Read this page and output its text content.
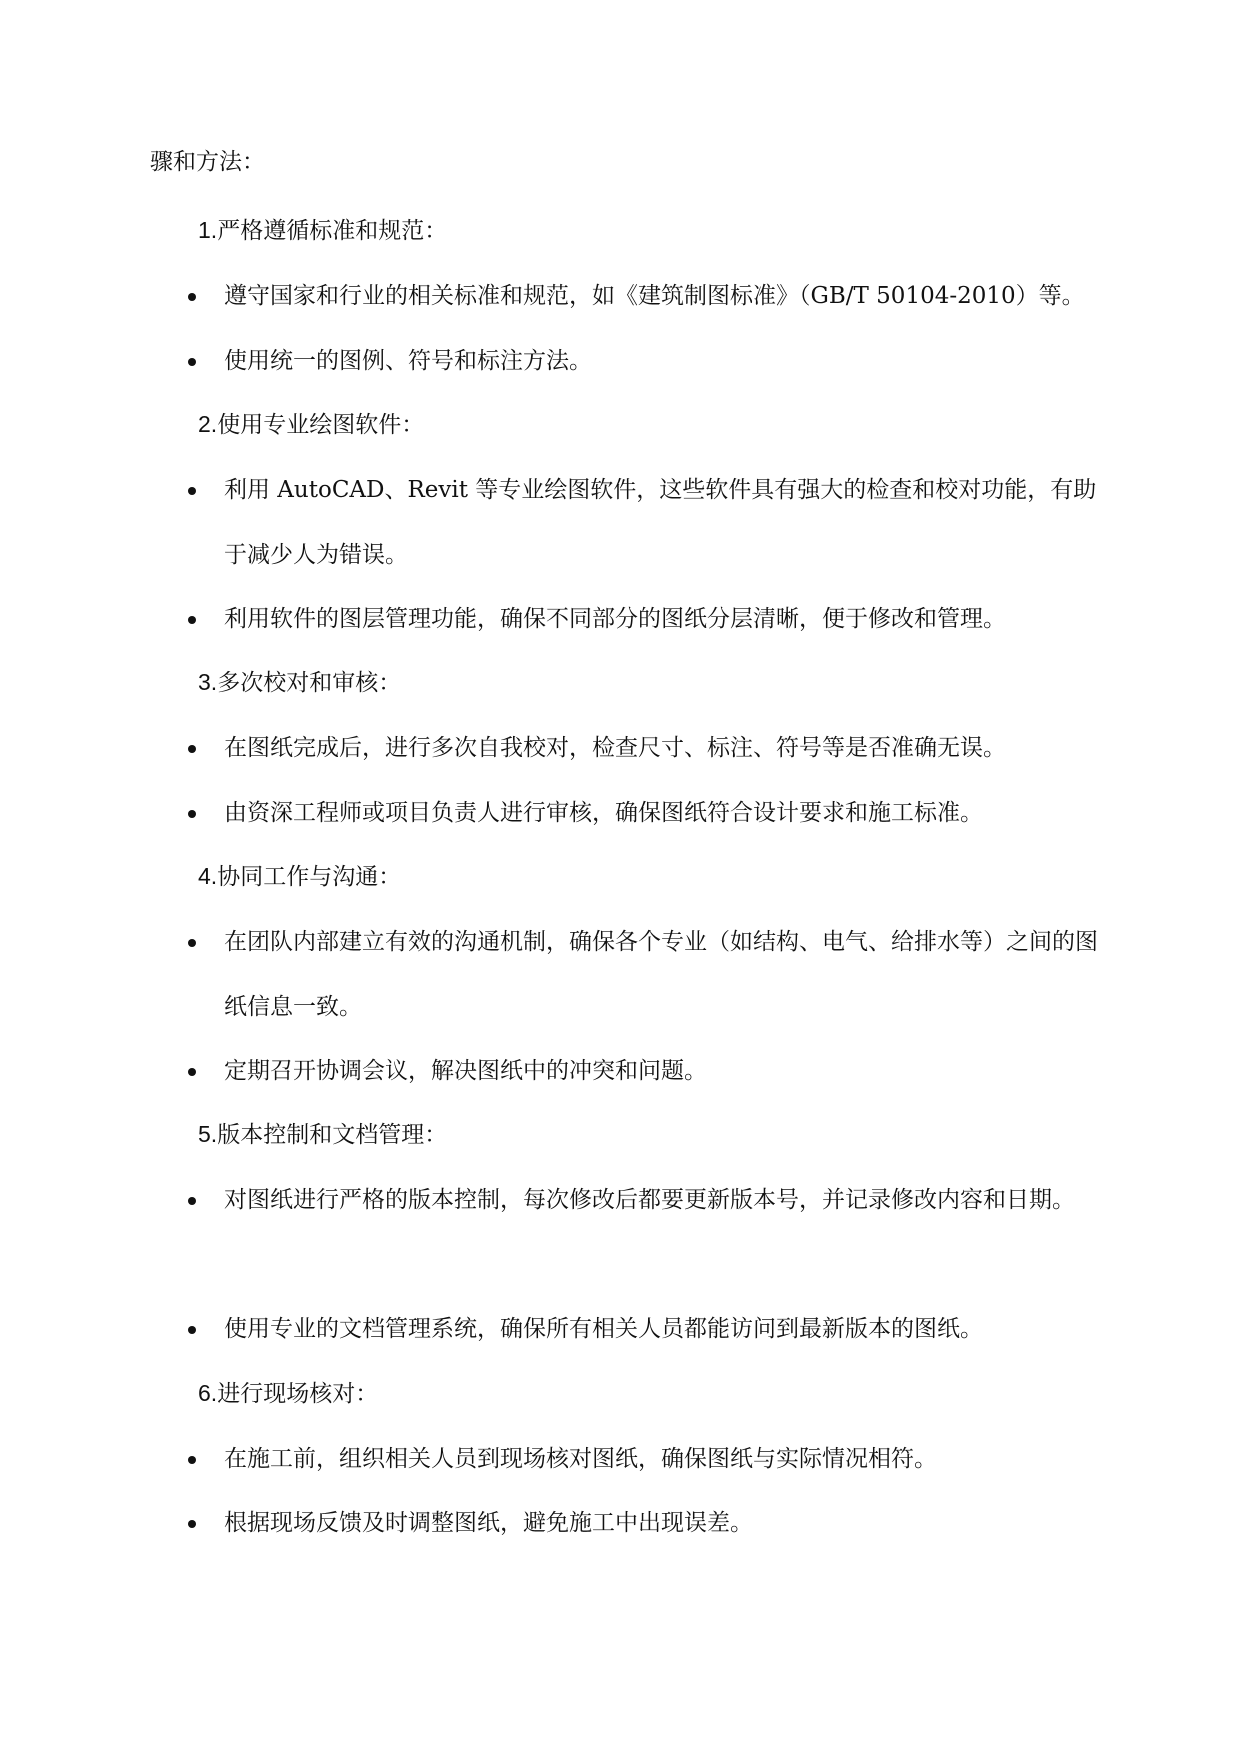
骤和方法：
1.严格遵循标准和规范：
遵守国家和行业的相关标准和规范，如《建筑制图标准》（GB/T 50104-2010）等。
使用统一的图例、符号和标注方法。
2.使用专业绘图软件：
利用 AutoCAD、Revit 等专业绘图软件，这些软件具有强大的检查和校对功能，有助于减少人为错误。
利用软件的图层管理功能，确保不同部分的图纸分层清晰，便于修改和管理。
3.多次校对和审核：
在图纸完成后，进行多次自我校对，检查尺寸、标注、符号等是否准确无误。
由资深工程师或项目负责人进行审核，确保图纸符合设计要求和施工标准。
4.协同工作与沟通：
在团队内部建立有效的沟通机制，确保各个专业（如结构、电气、给排水等）之间的图纸信息一致。
定期召开协调会议，解决图纸中的冲突和问题。
5.版本控制和文档管理：
对图纸进行严格的版本控制，每次修改后都要更新版本号，并记录修改内容和日期。
使用专业的文档管理系统，确保所有相关人员都能访问到最新版本的图纸。
6.进行现场核对：
在施工前，组织相关人员到现场核对图纸，确保图纸与实际情况相符。
根据现场反馈及时调整图纸，避免施工中出现误差。
